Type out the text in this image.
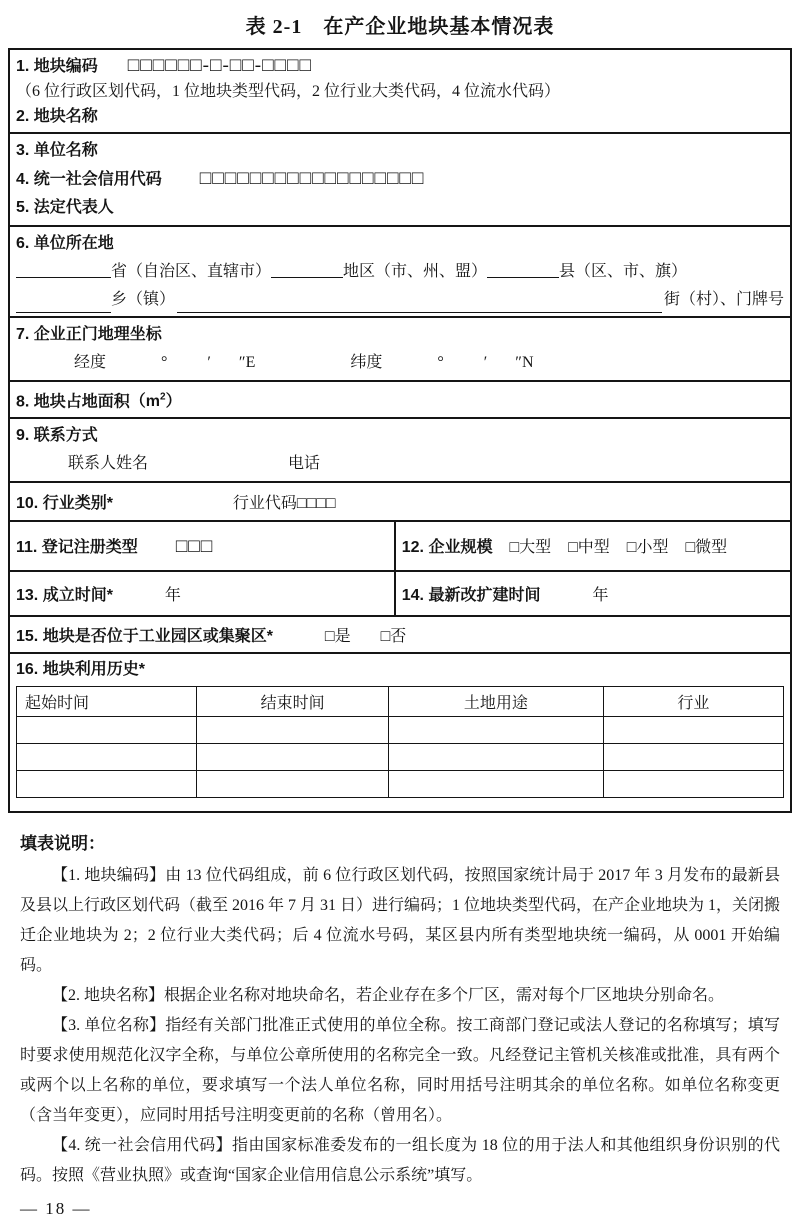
表 2-1　在产企业地块基本情况表
1. 地块编码 □□□□□□-□-□□-□□□□
（6 位行政区划代码，1 位地块类型代码，2 位行业大类代码，4 位流水代码）
2. 地块名称
3. 单位名称
4. 统一社会信用代码 □□□□□□□□□□□□□□□□□□
5. 法定代表人
6. 单位所在地
省（自治区、直辖市）	地区（市、州、盟）	县（区、市、旗）
乡（镇）	街（村）、门牌号
7. 企业正门地理坐标
经度	°	′ ″E	纬度	°	′ ″N
8. 地块占地面积$(m^2)$
9. 联系方式
联系人姓名	电话
10. 行业类别*	行业代码□□□□
11. 登记注册类型 □□□	12. 企业规模 □大型 □中型 □小型 □微型
13. 成立时间*	年	14. 最新改扩建时间	年
15. 地块是否位于工业园区或集聚区*	□是 □否
16. 地块利用历史*
起始时间	结束时间	土地用途	行业

填表说明：

【1. 地块编码】由 13 位代码组成，前 6 位行政区划代码，按照国家统计局于 2017 年 3 月发布的最新县及县以上行政区划代码（截至 2016 年 7 月 31 日）进行编码；1 位地块类型代码，在产企业地块为 1，关闭搬迁企业地块为 2；2 位行业大类代码；后 4 位流水号码，某区县内所有类型地块统一编码，从 0001 开始编码。

【2. 地块名称】根据企业名称对地块命名，若企业存在多个厂区，需对每个厂区地块分别命名。

【3. 单位名称】指经有关部门批准正式使用的单位全称。按工商部门登记或法人登记的名称填写；填写时要求使用规范化汉字全称，与单位公章所使用的名称完全一致。凡经登记主管机关核准或批准，具有两个或两个以上名称的单位，要求填写一个法人单位名称，同时用括号注明其余的单位名称。如单位名称变更（含当年变更），应同时用括号注明变更前的名称（曾用名）。

【4. 统一社会信用代码】指由国家标准委发布的一组长度为 18 位的用于法人和其他组织身份识别的代码。按照《营业执照》或查询“国家企业信用信息公示系统”填写。

— 18 —
